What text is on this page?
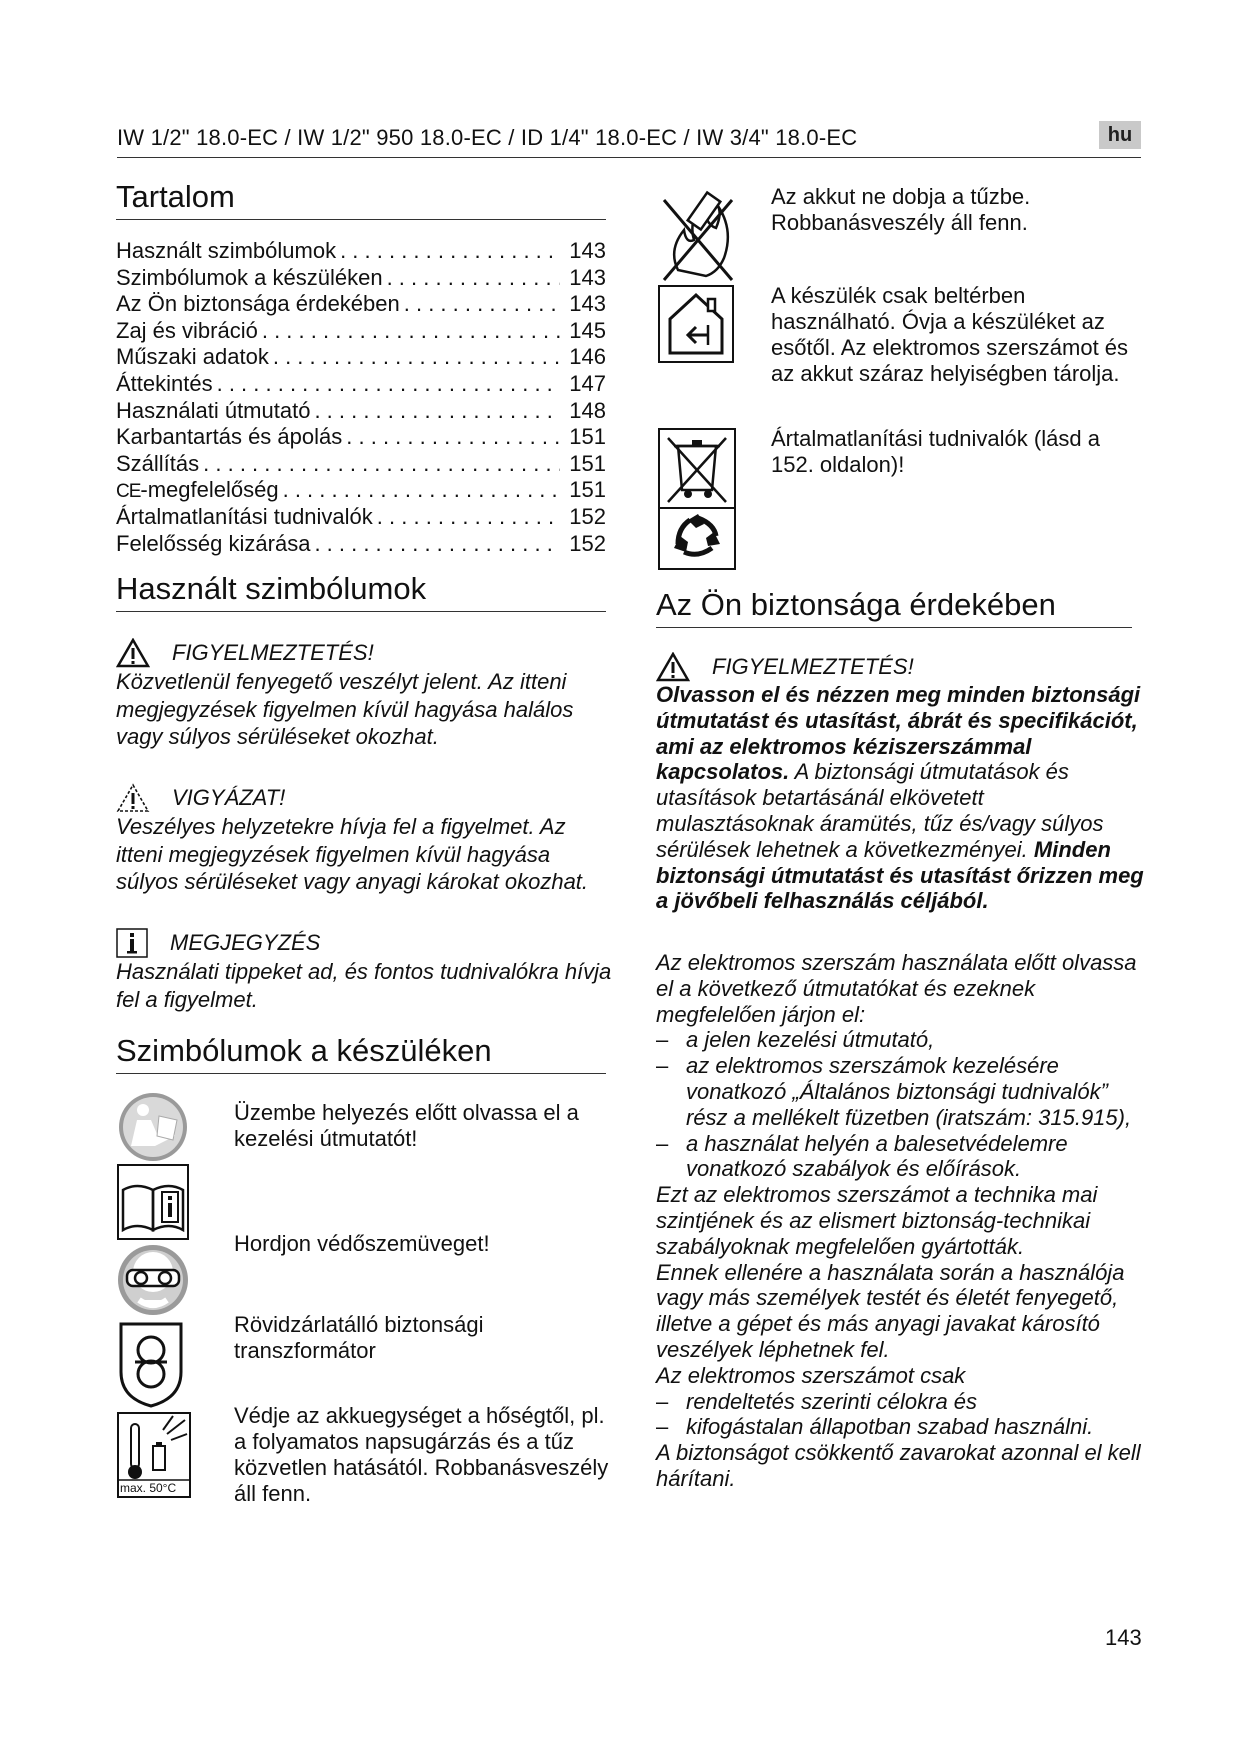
IW 1/2" 18.0-EC / IW 1/2" 950 18.0-EC / ID 1/4" 18.0-EC / IW 3/4" 18.0-EC	hu
Tartalom
Használt szimbólumok . . .	143
Szimbólumok a készüléken . . .	143
Az Ön biztonsága érdekében . . .	143
Zaj és vibráció . . .	145
Műszaki adatok . . .	146
Áttekintés . . .	147
Használati útmutató . . .	148
Karbantartás és ápolás . . .	151
Szállítás . . .	151
CE-megfelelőség . . .	151
Ártalmatlanítási tudnivalók . . .	152
Felelősség kizárása . . .	152
Használt szimbólumok
FIGYELMEZTETÉS!
Közvetlenül fenyegető veszélyt jelent. Az itteni megjegyzések figyelmen kívül hagyása halálos vagy súlyos sérüléseket okozhat.
VIGYÁZAT!
Veszélyes helyzetekre hívja fel a figyelmet. Az itteni megjegyzések figyelmen kívül hagyása súlyos sérüléseket vagy anyagi károkat okozhat.
MEGJEGYZÉS
Használati tippeket ad, és fontos tudnivalókra hívja fel a figyelmet.
Szimbólumok a készüléken
max. 50°C
Üzembe helyezés előtt olvassa el a kezelési útmutatót!
Hordjon védőszemüveget!
Rövidzárlatálló biztonsági transzformátor
Védje az akkuegységet a hőségtől, pl. a folyamatos napsugárzás és a tűz közvetlen hatásától. Robbanásveszély áll fenn.
Az akkut ne dobja a tűzbe. Robbanásveszély áll fenn.
A készülék csak beltérben használható. Óvja a készüléket az esőtől. Az elektromos szerszámot és az akkut száraz helyiségben tárolja.
Ártalmatlanítási tudnivalók (lásd a 152. oldalon)!
Az Ön biztonsága érdekében
FIGYELMEZTETÉS!
Olvasson el és nézzen meg minden biztonsági útmutatást és utasítást, ábrát és specifikációt, ami az elektromos kéziszerszámmal kapcsolatos. A biztonsági útmutatások és utasítások betartásánál elkövetett mulasztásoknak áramütés, tűz és/vagy súlyos sérülések lehetnek a következményei. Minden biztonsági útmutatást és utasítást őrizzen meg a jövőbeli felhasználás céljából.
Az elektromos szerszám használata előtt olvassa el a következő útmutatókat és ezeknek megfelelően járjon el:
– a jelen kezelési útmutató,
– az elektromos szerszámok kezelésére vonatkozó „Általános biztonsági tudnivalók” rész a mellékelt füzetben (iratszám: 315.915),
– a használat helyén a balesetvédelemre vonatkozó szabályok és előírások.
Ezt az elektromos szerszámot a technika mai szintjének és az elismert biztonság-technikai szabályoknak megfelelően gyártották.
Ennek ellenére a használata során a használója vagy más személyek testét és életét fenyegető, illetve a gépet és más anyagi javakat károsító veszélyek léphetnek fel.
Az elektromos szerszámot csak
– rendeltetés szerinti célokra és
– kifogástalan állapotban szabad használni.
A biztonságot csökkentő zavarokat azonnal el kell hárítani.
143
